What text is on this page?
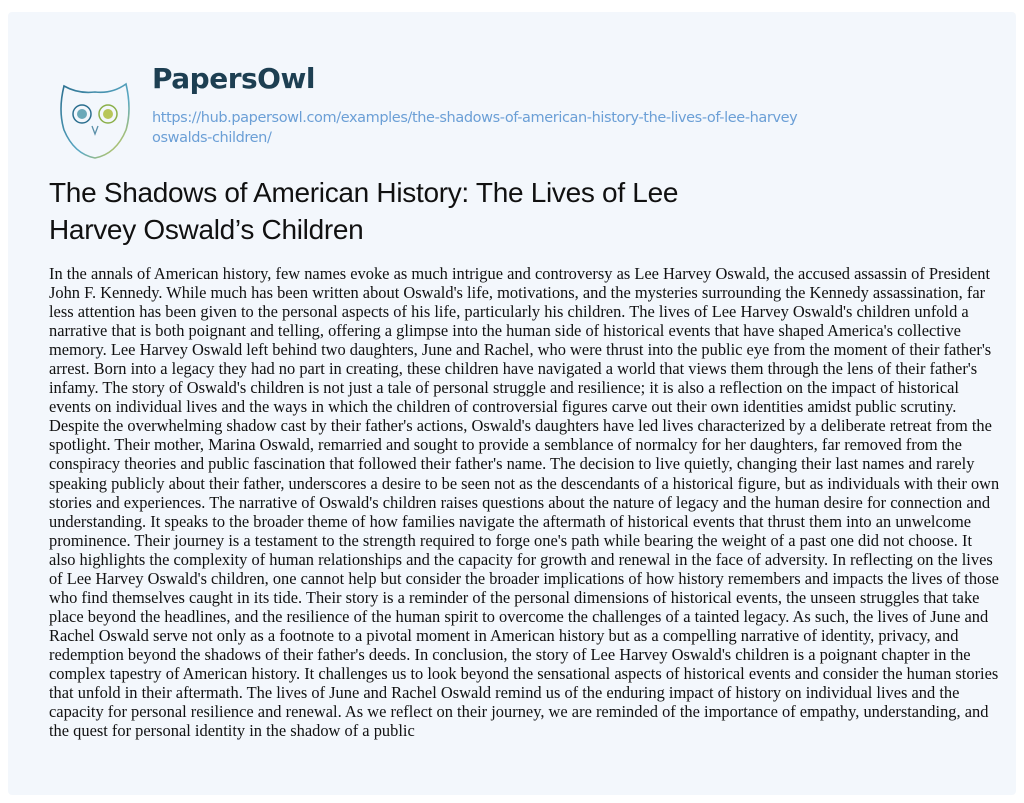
PapersOwl
https://hub.papersowl.com/examples/the-shadows-of-american-history-the-lives-of-lee-harvey
oswalds-children/
The Shadows of American History: The Lives of Lee
Harvey Oswald’s Children
In the annals of American history, few names evoke as much intrigue and controversy as Lee Harvey Oswald, the accused assassin of President
John F. Kennedy. While much has been written about Oswald's life, motivations, and the mysteries surrounding the Kennedy assassination, far
less attention has been given to the personal aspects of his life, particularly his children. The lives of Lee Harvey Oswald's children unfold a
narrative that is both poignant and telling, offering a glimpse into the human side of historical events that have shaped America's collective
memory. Lee Harvey Oswald left behind two daughters, June and Rachel, who were thrust into the public eye from the moment of their father's
arrest. Born into a legacy they had no part in creating, these children have navigated a world that views them through the lens of their father's
infamy. The story of Oswald's children is not just a tale of personal struggle and resilience; it is also a reflection on the impact of historical
events on individual lives and the ways in which the children of controversial figures carve out their own identities amidst public scrutiny.
Despite the overwhelming shadow cast by their father's actions, Oswald's daughters have led lives characterized by a deliberate retreat from the
spotlight. Their mother, Marina Oswald, remarried and sought to provide a semblance of normalcy for her daughters, far removed from the
conspiracy theories and public fascination that followed their father's name. The decision to live quietly, changing their last names and rarely
speaking publicly about their father, underscores a desire to be seen not as the descendants of a historical figure, but as individuals with their own
stories and experiences. The narrative of Oswald's children raises questions about the nature of legacy and the human desire for connection and
understanding. It speaks to the broader theme of how families navigate the aftermath of historical events that thrust them into an unwelcome
prominence. Their journey is a testament to the strength required to forge one's path while bearing the weight of a past one did not choose. It
also highlights the complexity of human relationships and the capacity for growth and renewal in the face of adversity. In reflecting on the lives
of Lee Harvey Oswald's children, one cannot help but consider the broader implications of how history remembers and impacts the lives of those
who find themselves caught in its tide. Their story is a reminder of the personal dimensions of historical events, the unseen struggles that take
place beyond the headlines, and the resilience of the human spirit to overcome the challenges of a tainted legacy. As such, the lives of June and
Rachel Oswald serve not only as a footnote to a pivotal moment in American history but as a compelling narrative of identity, privacy, and
redemption beyond the shadows of their father's deeds. In conclusion, the story of Lee Harvey Oswald's children is a poignant chapter in the
complex tapestry of American history. It challenges us to look beyond the sensational aspects of historical events and consider the human stories
that unfold in their aftermath. The lives of June and Rachel Oswald remind us of the enduring impact of history on individual lives and the
capacity for personal resilience and renewal. As we reflect on their journey, we are reminded of the importance of empathy, understanding, and
the quest for personal identity in the shadow of a public
